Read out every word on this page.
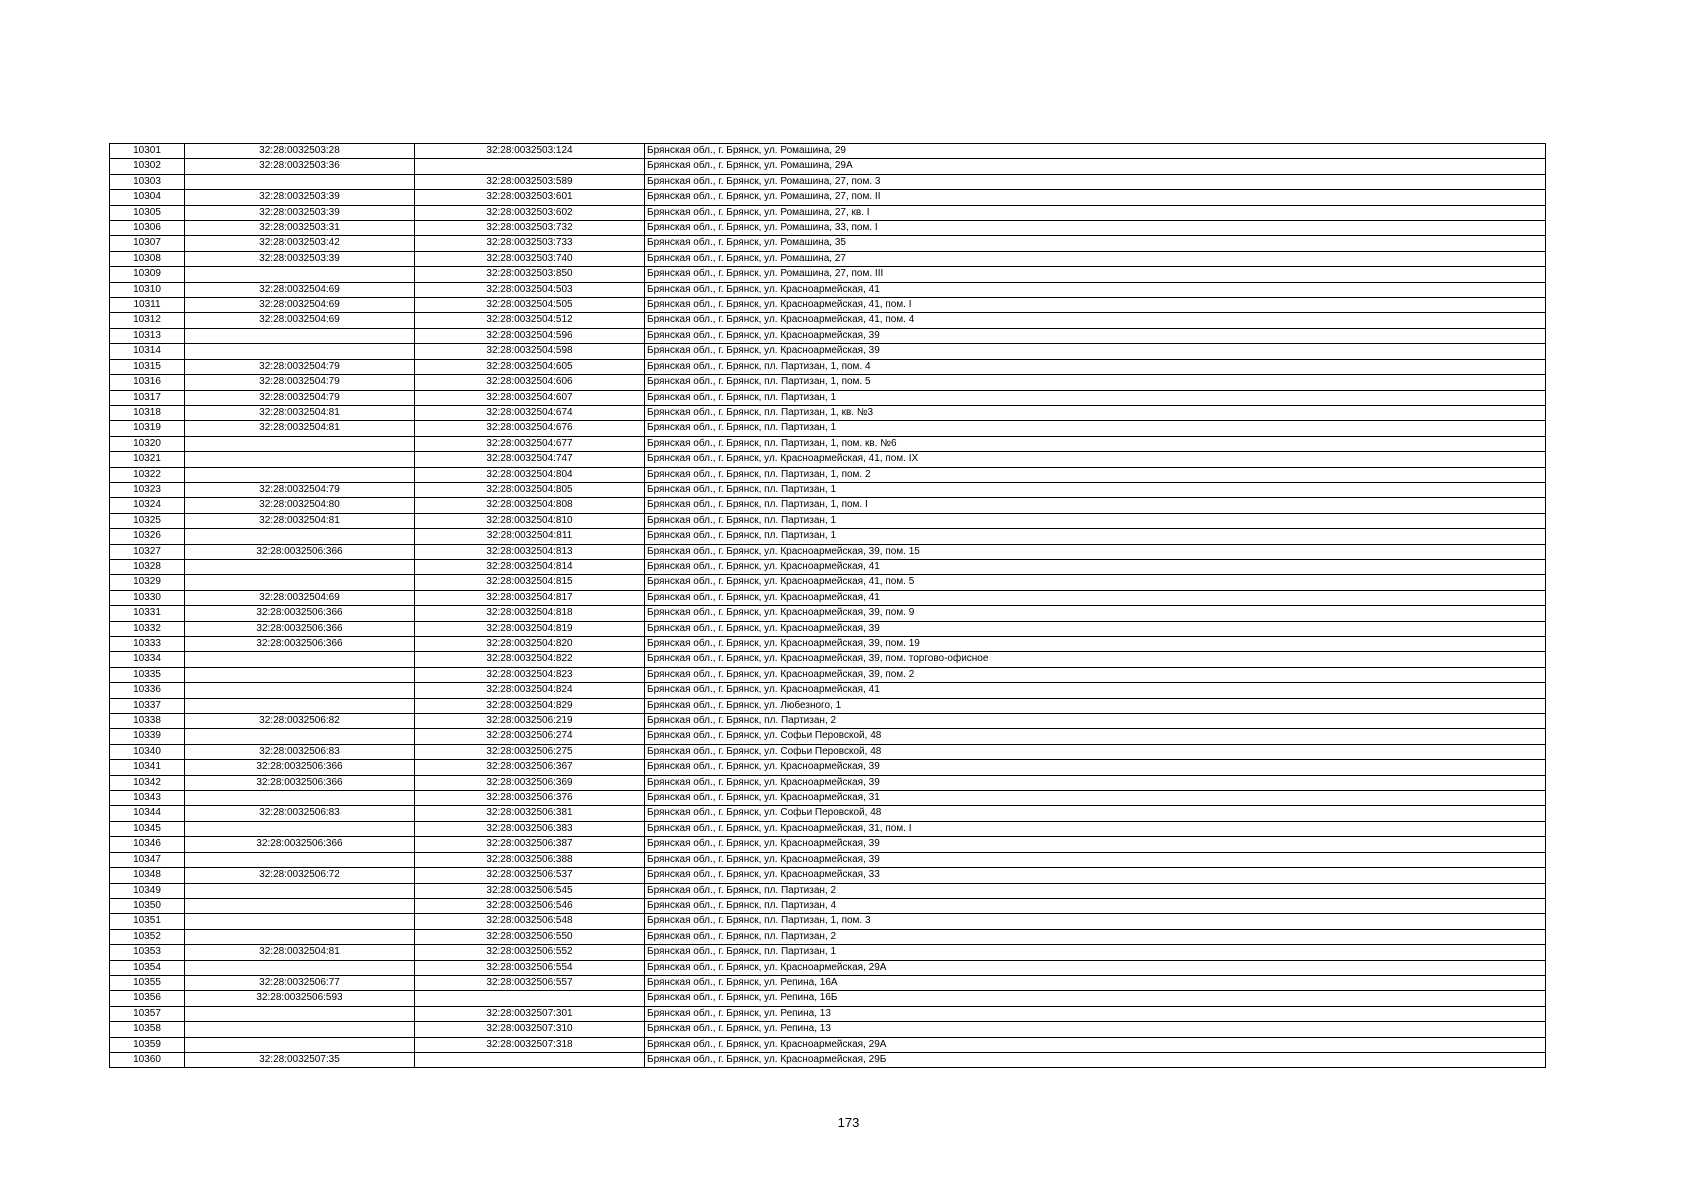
10301	32:28:0032503:28	32:28:0032503:124	Брянская обл., г. Брянск, ул. Ромашина, 29
10302	32:28:0032503:36		Брянская обл., г. Брянск, ул. Ромашина, 29А
10303		32:28:0032503:589	Брянская обл., г. Брянск, ул. Ромашина, 27, пом. 3
10304	32:28:0032503:39	32:28:0032503:601	Брянская обл., г. Брянск, ул. Ромашина, 27, пом. II
10305	32:28:0032503:39	32:28:0032503:602	Брянская обл., г. Брянск, ул. Ромашина, 27, кв. I
10306	32:28:0032503:31	32:28:0032503:732	Брянская обл., г. Брянск, ул. Ромашина, 33, пом. I
10307	32:28:0032503:42	32:28:0032503:733	Брянская обл., г. Брянск, ул. Ромашина, 35
10308	32:28:0032503:39	32:28:0032503:740	Брянская обл., г. Брянск, ул. Ромашина, 27
10309		32:28:0032503:850	Брянская обл., г. Брянск, ул. Ромашина, 27, пом. III
10310	32:28:0032504:69	32:28:0032504:503	Брянская обл., г. Брянск, ул. Красноармейская, 41
10311	32:28:0032504:69	32:28:0032504:505	Брянская обл., г. Брянск, ул. Красноармейская, 41, пом. I
10312	32:28:0032504:69	32:28:0032504:512	Брянская обл., г. Брянск, ул. Красноармейская, 41, пом. 4
10313		32:28:0032504:596	Брянская обл., г. Брянск, ул. Красноармейская, 39
10314		32:28:0032504:598	Брянская обл., г. Брянск, ул. Красноармейская, 39
10315	32:28:0032504:79	32:28:0032504:605	Брянская обл., г. Брянск, пл. Партизан, 1, пом. 4
10316	32:28:0032504:79	32:28:0032504:606	Брянская обл., г. Брянск, пл. Партизан, 1, пом. 5
10317	32:28:0032504:79	32:28:0032504:607	Брянская обл., г. Брянск, пл. Партизан, 1
10318	32:28:0032504:81	32:28:0032504:674	Брянская обл., г. Брянск, пл. Партизан, 1, кв. №3
10319	32:28:0032504:81	32:28:0032504:676	Брянская обл., г. Брянск, пл. Партизан, 1
10320		32:28:0032504:677	Брянская обл., г. Брянск, пл. Партизан, 1, пом. кв. №6
10321		32:28:0032504:747	Брянская обл., г. Брянск, ул. Красноармейская, 41, пом. IX
10322		32:28:0032504:804	Брянская обл., г. Брянск, пл. Партизан, 1, пом. 2
10323	32:28:0032504:79	32:28:0032504:805	Брянская обл., г. Брянск, пл. Партизан, 1
10324	32:28:0032504:80	32:28:0032504:808	Брянская обл., г. Брянск, пл. Партизан, 1, пом. I
10325	32:28:0032504:81	32:28:0032504:810	Брянская обл., г. Брянск, пл. Партизан, 1
10326		32:28:0032504:811	Брянская обл., г. Брянск, пл. Партизан, 1
10327	32:28:0032506:366	32:28:0032504:813	Брянская обл., г. Брянск, ул. Красноармейская, 39, пом. 15
10328		32:28:0032504:814	Брянская обл., г. Брянск, ул. Красноармейская, 41
10329		32:28:0032504:815	Брянская обл., г. Брянск, ул. Красноармейская, 41, пом. 5
10330	32:28:0032504:69	32:28:0032504:817	Брянская обл., г. Брянск, ул. Красноармейская, 41
10331	32:28:0032506:366	32:28:0032504:818	Брянская обл., г. Брянск, ул. Красноармейская, 39, пом. 9
10332	32:28:0032506:366	32:28:0032504:819	Брянская обл., г. Брянск, ул. Красноармейская, 39
10333	32:28:0032506:366	32:28:0032504:820	Брянская обл., г. Брянск, ул. Красноармейская, 39, пом. 19
10334		32:28:0032504:822	Брянская обл., г. Брянск, ул. Красноармейская, 39, пом. торгово-офисное
10335		32:28:0032504:823	Брянская обл., г. Брянск, ул. Красноармейская, 39, пом. 2
10336		32:28:0032504:824	Брянская обл., г. Брянск, ул. Красноармейская, 41
10337		32:28:0032504:829	Брянская обл., г. Брянск, ул. Любезного, 1
10338	32:28:0032506:82	32:28:0032506:219	Брянская обл., г. Брянск, пл. Партизан, 2
10339		32:28:0032506:274	Брянская обл., г. Брянск, ул. Софьи Перовской, 48
10340	32:28:0032506:83	32:28:0032506:275	Брянская обл., г. Брянск, ул. Софьи Перовской, 48
10341	32:28:0032506:366	32:28:0032506:367	Брянская обл., г. Брянск, ул. Красноармейская, 39
10342	32:28:0032506:366	32:28:0032506:369	Брянская обл., г. Брянск, ул. Красноармейская, 39
10343		32:28:0032506:376	Брянская обл., г. Брянск, ул. Красноармейская, 31
10344	32:28:0032506:83	32:28:0032506:381	Брянская обл., г. Брянск, ул. Софьи Перовской, 48
10345		32:28:0032506:383	Брянская обл., г. Брянск, ул. Красноармейская, 31, пом. I
10346	32:28:0032506:366	32:28:0032506:387	Брянская обл., г. Брянск, ул. Красноармейская, 39
10347		32:28:0032506:388	Брянская обл., г. Брянск, ул. Красноармейская, 39
10348	32:28:0032506:72	32:28:0032506:537	Брянская обл., г. Брянск, ул. Красноармейская, 33
10349		32:28:0032506:545	Брянская обл., г. Брянск, пл. Партизан, 2
10350		32:28:0032506:546	Брянская обл., г. Брянск, пл. Партизан, 4
10351		32:28:0032506:548	Брянская обл., г. Брянск, пл. Партизан, 1, пом. 3
10352		32:28:0032506:550	Брянская обл., г. Брянск, пл. Партизан, 2
10353	32:28:0032504:81	32:28:0032506:552	Брянская обл., г. Брянск, пл. Партизан, 1
10354		32:28:0032506:554	Брянская обл., г. Брянск, ул. Красноармейская, 29А
10355	32:28:0032506:77	32:28:0032506:557	Брянская обл., г. Брянск, ул. Репина, 16А
10356	32:28:0032506:593		Брянская обл., г. Брянск, ул. Репина, 16Б
10357		32:28:0032507:301	Брянская обл., г. Брянск, ул. Репина, 13
10358		32:28:0032507:310	Брянская обл., г. Брянск, ул. Репина, 13
10359		32:28:0032507:318	Брянская обл., г. Брянск, ул. Красноармейская, 29А
10360	32:28:0032507:35		Брянская обл., г. Брянск, ул. Красноармейская, 29Б
173
